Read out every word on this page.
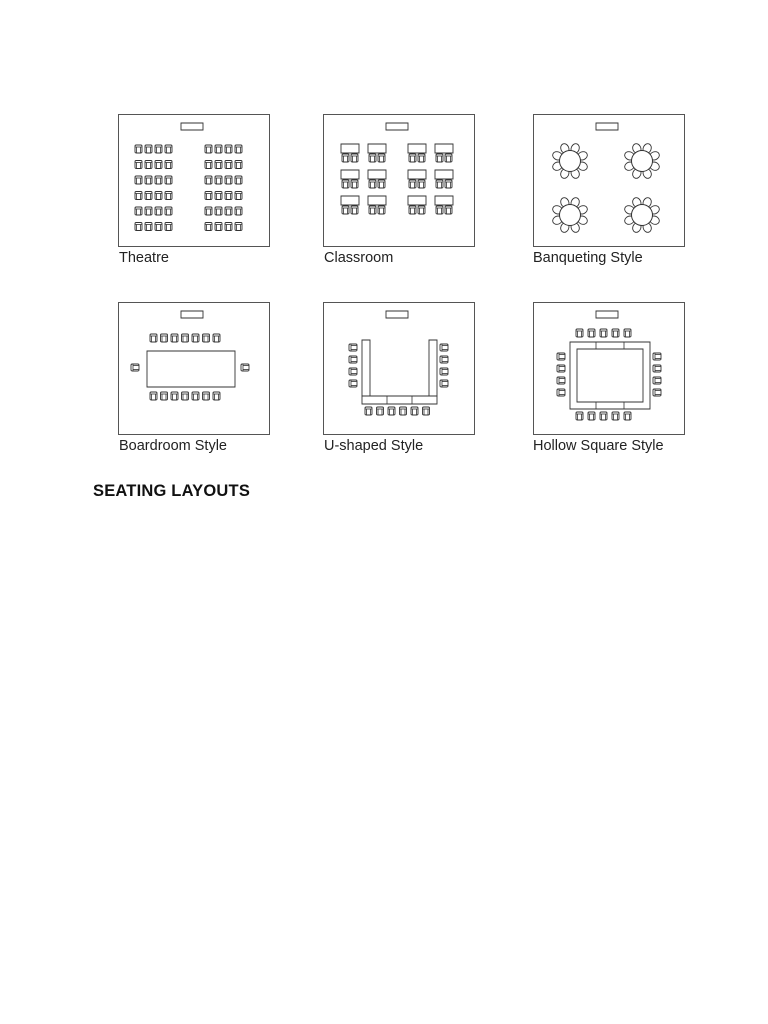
Theatre	Classroom	Banqueting Style
Boardroom Style	U-shaped Style	Hollow Square Style
SEATING LAYOUTS
